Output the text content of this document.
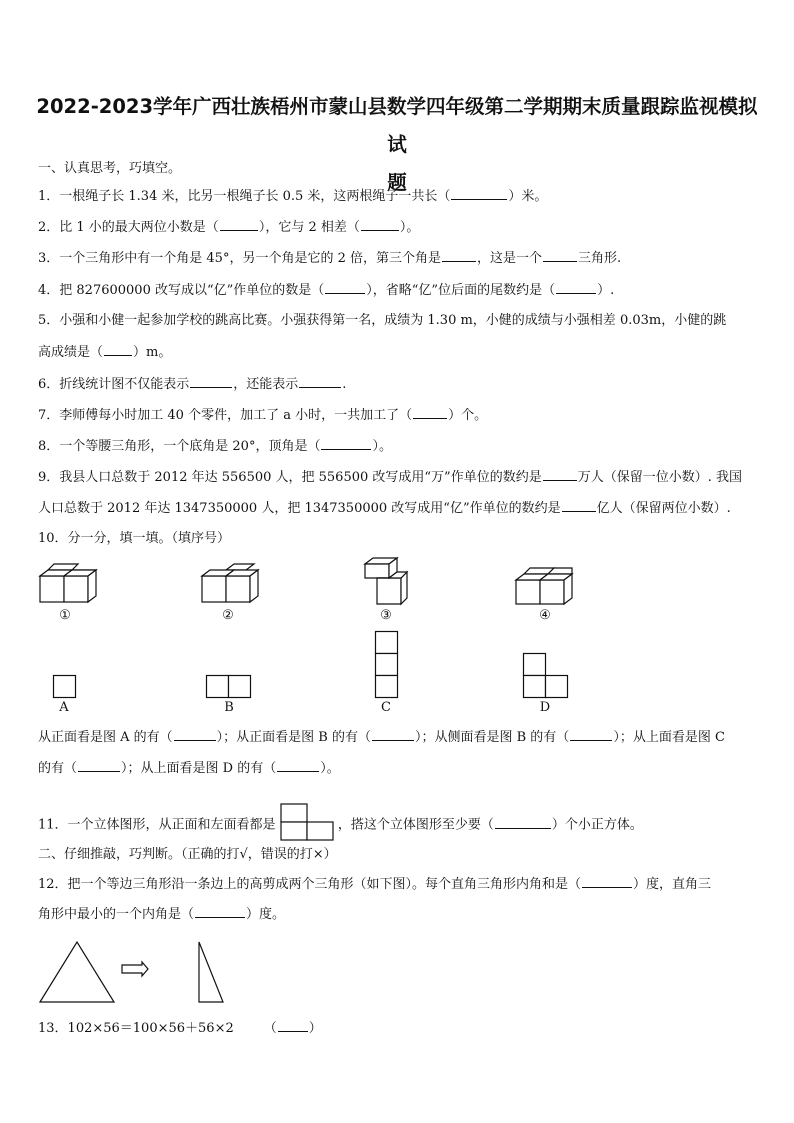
2022-2023学年广西壮族梧州市蒙山县数学四年级第二学期期末质量跟踪监视模拟试
题
一、认真思考，巧填空。
1．一根绳子长 1.34 米，比另一根绳子长 0.5 米，这两根绳子一共长（	）米。
2．比 1 小的最大两位小数是（	），它与 2 相差（	）。
3．一个三角形中有一个角是 45°，另一个角是它的 2 倍，第三个角是	，这是一个	三角形.
4．把 827600000 改写成以“亿”作单位的数是（	），省略“亿”位后面的尾数约是（	）.
5．小强和小健一起参加学校的跳高比赛。小强获得第一名，成绩为 1.30 m，小健的成绩与小强相差 0.03m，小健的跳
高成绩是（ ）m。
6．折线统计图不仅能表示	，还能表示	.
7．李师傅每小时加工 40 个零件，加工了 a 小时，一共加工了（	）个。
8．一个等腰三角形，一个底角是 20°，顶角是（	）。
9．我县人口总数于 2012 年达 556500 人，把 556500 改写成用“万”作单位的数约是	万人（保留一位小数）. 我国
人口总数于 2012 年达 1347350000 人，把 1347350000 改写成用“亿”作单位的数约是	亿人（保留两位小数）.
10．分一分，填一填。（填序号）
①	②	③	④
A	B	C	D
从正面看是图 A 的有（	）；从正面看是图 B 的有（	）；从侧面看是图 B 的有（	）；从上面看是图 C
的有（	）；从上面看是图 D 的有（	）。
11．一个立体图形，从正面和左面看都是	，搭这个立体图形至少要（	）个小正方体。
二、仔细推敲，巧判断。（正确的打√，错误的打×）
12．把一个等边三角形沿一条边上的高剪成两个三角形（如下图）。每个直角三角形内角和是（	）度，直角三
角形中最小的一个内角是（	）度。
13．102×56＝100×56＋56×2 （ ）
